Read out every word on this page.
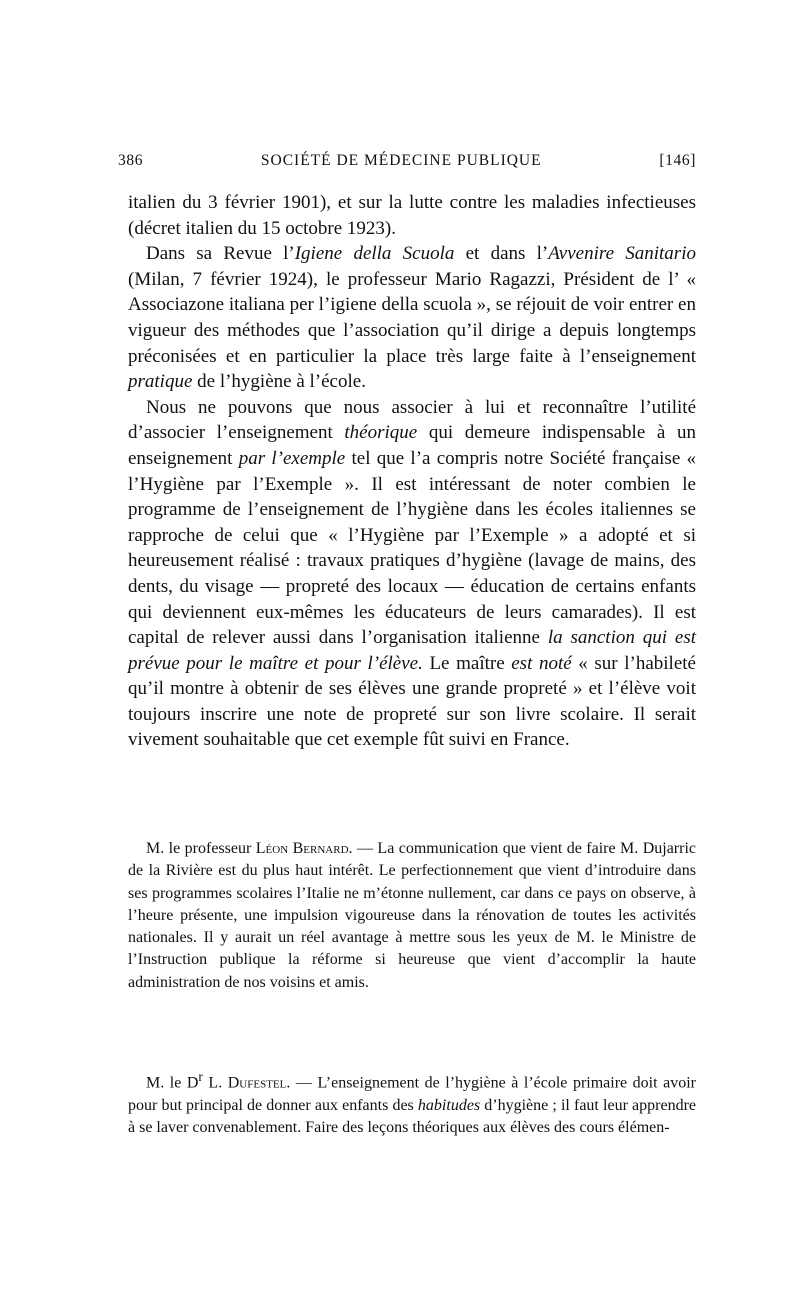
386	SOCIÉTÉ DE MÉDECINE PUBLIQUE	[146]

italien du 3 février 1901), et sur la lutte contre les maladies infectieuses (décret italien du 15 octobre 1923).

Dans sa Revue l’Igiene della Scuola et dans l’Avvenire Sanitario (Milan, 7 février 1924), le professeur Mario Ragazzi, Président de l’ « Associazone italiana per l’igiene della scuola », se réjouit de voir entrer en vigueur des méthodes que l’association qu’il dirige a depuis longtemps préconisées et en particulier la place très large faite à l’enseignement pratique de l’hygiène à l’école.

Nous ne pouvons que nous associer à lui et reconnaître l’utilité d’associer l’enseignement théorique qui demeure indispensable à un enseignement par l’exemple tel que l’a compris notre Société française « l’Hygiène par l’Exemple ». Il est intéressant de noter combien le programme de l’enseignement de l’hygiène dans les écoles italiennes se rapproche de celui que « l’Hygiène par l’Exemple » a adopté et si heureusement réalisé : travaux pratiques d’hygiène (lavage de mains, des dents, du visage — propreté des locaux — éducation de certains enfants qui deviennent eux-mêmes les éducateurs de leurs camarades). Il est capital de relever aussi dans l’organisation italienne la sanction qui est prévue pour le maître et pour l’élève. Le maître est noté « sur l’habileté qu’il montre à obtenir de ses élèves une grande propreté » et l’élève voit toujours inscrire une note de propreté sur son livre scolaire. Il serait vivement souhaitable que cet exemple fût suivi en France.

M. le professeur Léon Bernard. — La communication que vient de faire M. Dujarric de la Rivière est du plus haut intérêt. Le perfectionnement que vient d’introduire dans ses programmes scolaires l’Italie ne m’étonne nullement, car dans ce pays on observe, à l’heure présente, une impulsion vigoureuse dans la rénovation de toutes les activités nationales. Il y aurait un réel avantage à mettre sous les yeux de M. le Ministre de l’Instruction publique la réforme si heureuse que vient d’accomplir la haute administration de nos voisins et amis.

M. le $D^r$ L. Dufestel. — L’enseignement de l’hygiène à l’école primaire doit avoir pour but principal de donner aux enfants des habitudes d’hygiène ; il faut leur apprendre à se laver convenablement. Faire des leçons théoriques aux élèves des cours élémen-
